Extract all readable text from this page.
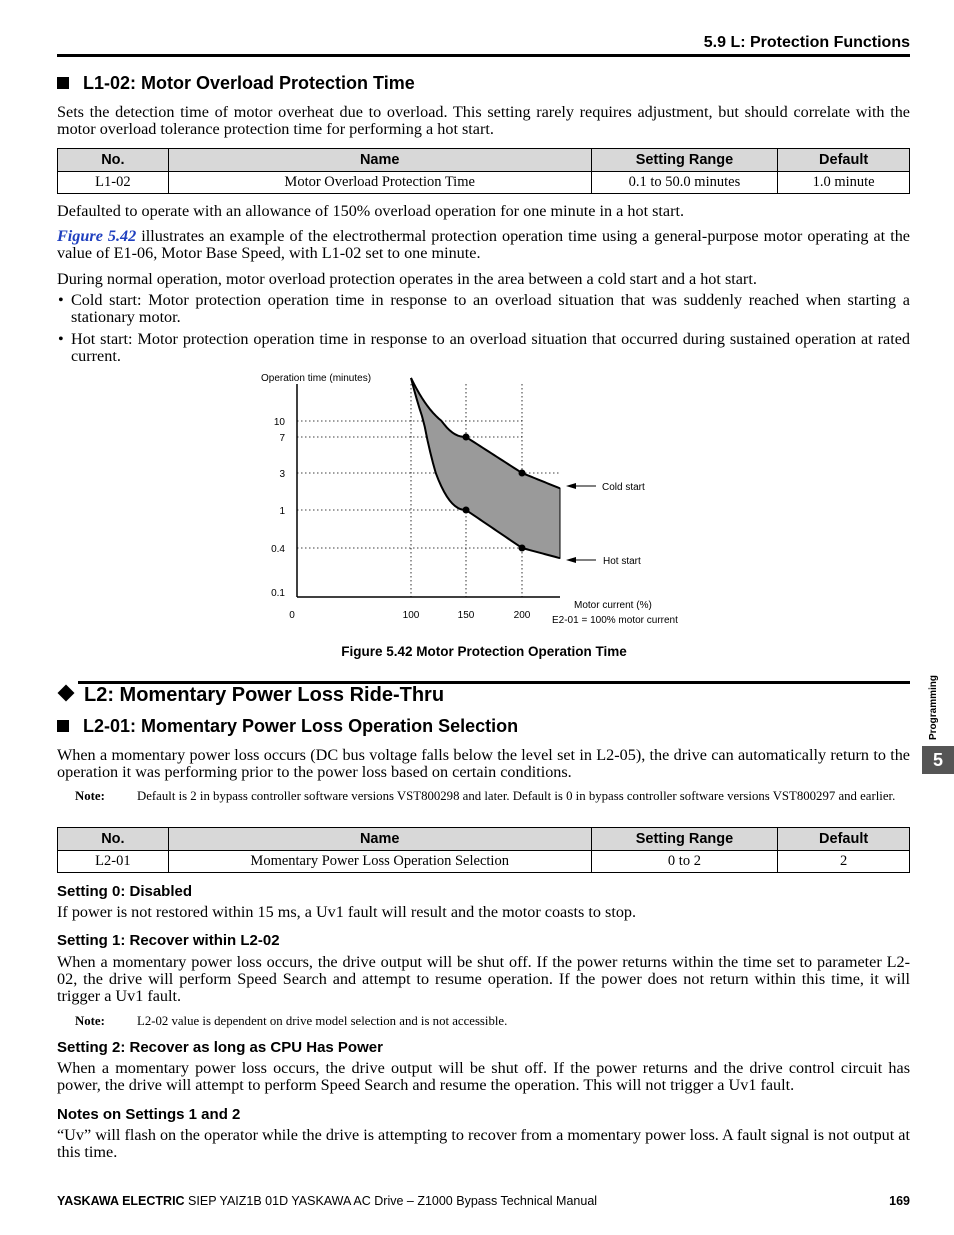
5.9 L: Protection Functions
L1-02: Motor Overload Protection Time
Sets the detection time of motor overheat due to overload. This setting rarely requires adjustment, but should correlate with the motor overload tolerance protection time for performing a hot start.
No.	Name	Setting Range	Default
L1-02	Motor Overload Protection Time	0.1 to 50.0 minutes	1.0 minute
Defaulted to operate with an allowance of 150% overload operation for one minute in a hot start.
Figure 5.42 illustrates an example of the electrothermal protection operation time using a general-purpose motor operating at the value of E1-06, Motor Base Speed, with L1-02 set to one minute.
During normal operation, motor overload protection operates in the area between a cold start and a hot start.
• Cold start: Motor protection operation time in response to an overload situation that was suddenly reached when starting a stationary motor.
• Hot start: Motor protection operation time in response to an overload situation that occurred during sustained operation at rated current.
10
7
3
1
0.4
0.1
0	100	150	200
Operation time (minutes)
Motor current (%)
E2-01 = 100% motor current
Cold start
Hot start
Figure 5.42 Motor Protection Operation Time
L2: Momentary Power Loss Ride-Thru
L2-01: Momentary Power Loss Operation Selection
When a momentary power loss occurs (DC bus voltage falls below the level set in L2-05), the drive can automatically return to the operation it was performing prior to the power loss based on certain conditions.
Note:	Default is 2 in bypass controller software versions VST800298 and later. Default is 0 in bypass controller software versions VST800297 and earlier.
No.	Name	Setting Range	Default
L2-01	Momentary Power Loss Operation Selection	0 to 2	2
Setting 0: Disabled
If power is not restored within 15 ms, a Uv1 fault will result and the motor coasts to stop.
Setting 1: Recover within L2-02
When a momentary power loss occurs, the drive output will be shut off. If the power returns within the time set to parameter L2-02, the drive will perform Speed Search and attempt to resume operation. If the power does not return within this time, it will trigger a Uv1 fault.
Note:	L2-02 value is dependent on drive model selection and is not accessible.
Setting 2: Recover as long as CPU Has Power
When a momentary power loss occurs, the drive output will be shut off. If the power returns and the drive control circuit has power, the drive will attempt to perform Speed Search and resume the operation. This will not trigger a Uv1 fault.
Notes on Settings 1 and 2
“Uv” will flash on the operator while the drive is attempting to recover from a momentary power loss. A fault signal is not output at this time.
Programming
5
YASKAWA ELECTRIC SIEP YAIZ1B 01D YASKAWA AC Drive – Z1000 Bypass Technical Manual	169
